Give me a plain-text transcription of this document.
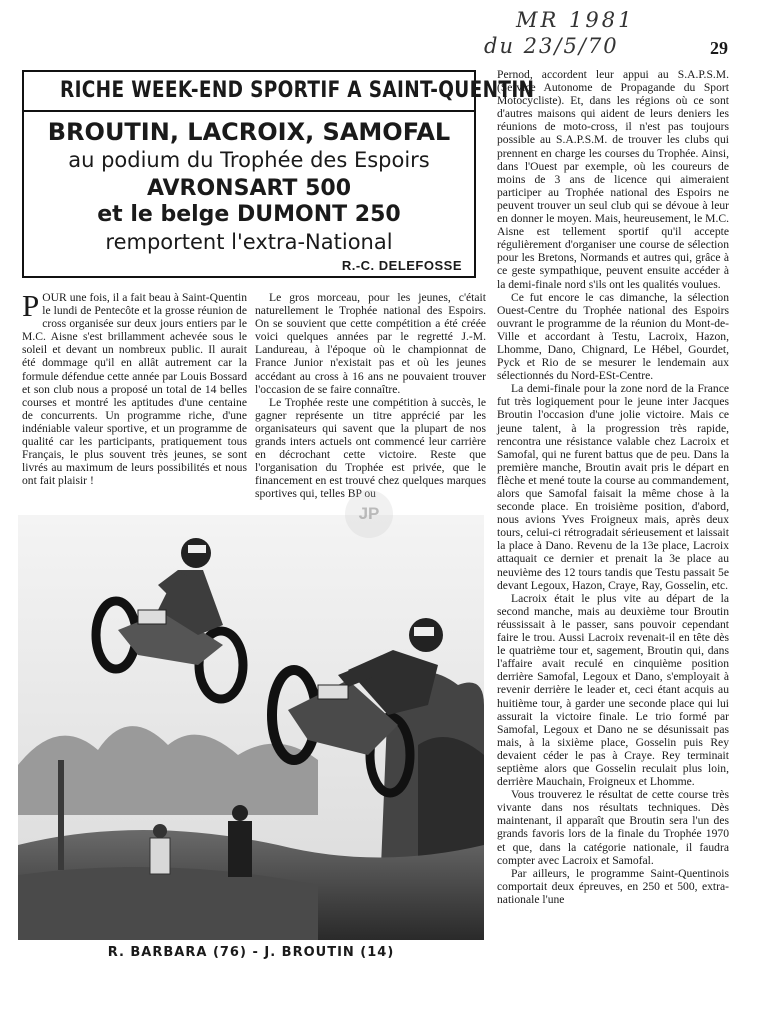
MR 1981
du 23/5/70	29
RICHE WEEK-END SPORTIF A SAINT-QUENTIN
BROUTIN, LACROIX, SAMOFAL
au podium du Trophée des Espoirs
AVRONSART 500
et le belge DUMONT 250
remportent l'extra-National
R.-C. DELEFOSSE

POUR une fois, il a fait beau à Saint-Quentin le lundi de Pentecôte et la grosse réunion de cross organisée sur deux jours entiers par le M.C. Aisne s'est brillamment achevée sous le soleil et devant un nombreux public. Il aurait été dommage qu'il en allât autrement car la formule défendue cette année par Louis Bossard et son club nous a proposé un total de 14 belles courses et montré les aptitudes d'une centaine de concurrents. Un programme riche, d'une indéniable valeur sportive, et un programme de qualité car les participants, pratiquement tous Français, le plus souvent très jeunes, se sont livrés au maximum de leurs possibilités et nous ont fait plaisir !

Le gros morceau, pour les jeunes, c'était naturellement le Trophée national des Espoirs. On se souvient que cette compétition a été créée voici quelques années par le regretté J.-M. Landureau, à l'époque où le championnat de France Junior n'existait pas et où les jeunes accédant au cross à 16 ans ne pouvaient trouver l'occasion de se faire connaître.

Le Trophée reste une compétition à succès, le gagner représente un titre apprécié par les organisateurs qui savent que la plupart de nos grands inters actuels ont commencé leur carrière en décrochant cette victoire. Reste que l'organisation du Trophée est privée, que le financement en est trouvé chez quelques marques sportives qui, telles BP ou

Pernod, accordent leur appui au S.A.P.S.M. (Service Autonome de Propagande du Sport Motocycliste). Et, dans les régions où ce sont d'autres maisons qui aident de leurs deniers les réunions de moto-cross, il n'est pas toujours possible au S.A.P.S.M. de trouver les clubs qui prennent en charge les courses du Trophée. Ainsi, dans l'Ouest par exemple, où les coureurs de moins de 3 ans de licence qui aimeraient participer au Trophée national des Espoirs ne peuvent trouver un seul club qui se dévoue à leur en donner le moyen. Mais, heureusement, le M.C. Aisne est tellement sportif qu'il accepte régulièrement d'organiser une course de sélection pour les Bretons, Normands et autres qui, grâce à ce geste sympathique, peuvent ensuite accéder à la demi-finale nord s'ils ont les qualités voulues.

Ce fut encore le cas dimanche, la sélection Ouest-Centre du Trophée national des Espoirs ouvrant le programme de la réunion du Mont-de-Ville et accordant à Testu, Lacroix, Hazon, Lhomme, Dano, Chignard, Le Hébel, Gourdet, Pyck et Rio de se mesurer le lendemain aux sélectionnés du Nord-ESt-Centre.

La demi-finale pour la zone nord de la France fut très logiquement pour le jeune inter Jacques Broutin l'occasion d'une jolie victoire. Mais ce jeune talent, à la progression très rapide, rencontra une résistance valable chez Lacroix et Samofal, qui ne furent battus que de peu. Dans la première manche, Broutin avait pris le départ en flèche et mené toute la course au commandement, alors que Samofal faisait la même chose à la seconde place. En troisième position, d'abord, nous avions Yves Froigneux mais, après deux tours, celui-ci rétrogradait sérieusement et laissait la place à Dano. Revenu de la 13e place, Lacroix attaquait ce dernier et prenait la 3e place au neuvième des 12 tours tandis que Testu passait 5e devant Legoux, Hazon, Craye, Ray, Gosselin, etc.

Lacroix était le plus vite au départ de la second manche, mais au deuxième tour Broutin réussissait à le passer, sans pouvoir cependant faire le trou. Aussi Lacroix revenait-il en tête dès le quatrième tour et, sagement, Broutin qui, dans l'affaire avait reculé en cinquième position derrière Samofal, Legoux et Dano, s'employait à revenir derrière le leader et, ceci étant acquis au huitième tour, à garder une seconde place qui lui assurait la victoire finale. Le trio formé par Samofal, Legoux et Dano ne se désunissait pas mais, à la sixième place, Gosselin puis Rey devaient céder le pas à Craye. Rey terminait septième alors que Gosselin reculait plus loin, derrière Mauchain, Froigneux et Lhomme.

Vous trouverez le résultat de cette course très vivante dans nos résultats techniques. Dès maintenant, il apparaît que Broutin sera l'un des grands favoris lors de la finale du Trophée 1970 et que, dans la catégorie nationale, il faudra compter avec Lacroix et Samofal.

Par ailleurs, le programme Saint-Quentinois comportait deux épreuves, en 250 et 500, extra-nationale l'une

JP
R. BARBARA (76) - J. BROUTIN (14)
